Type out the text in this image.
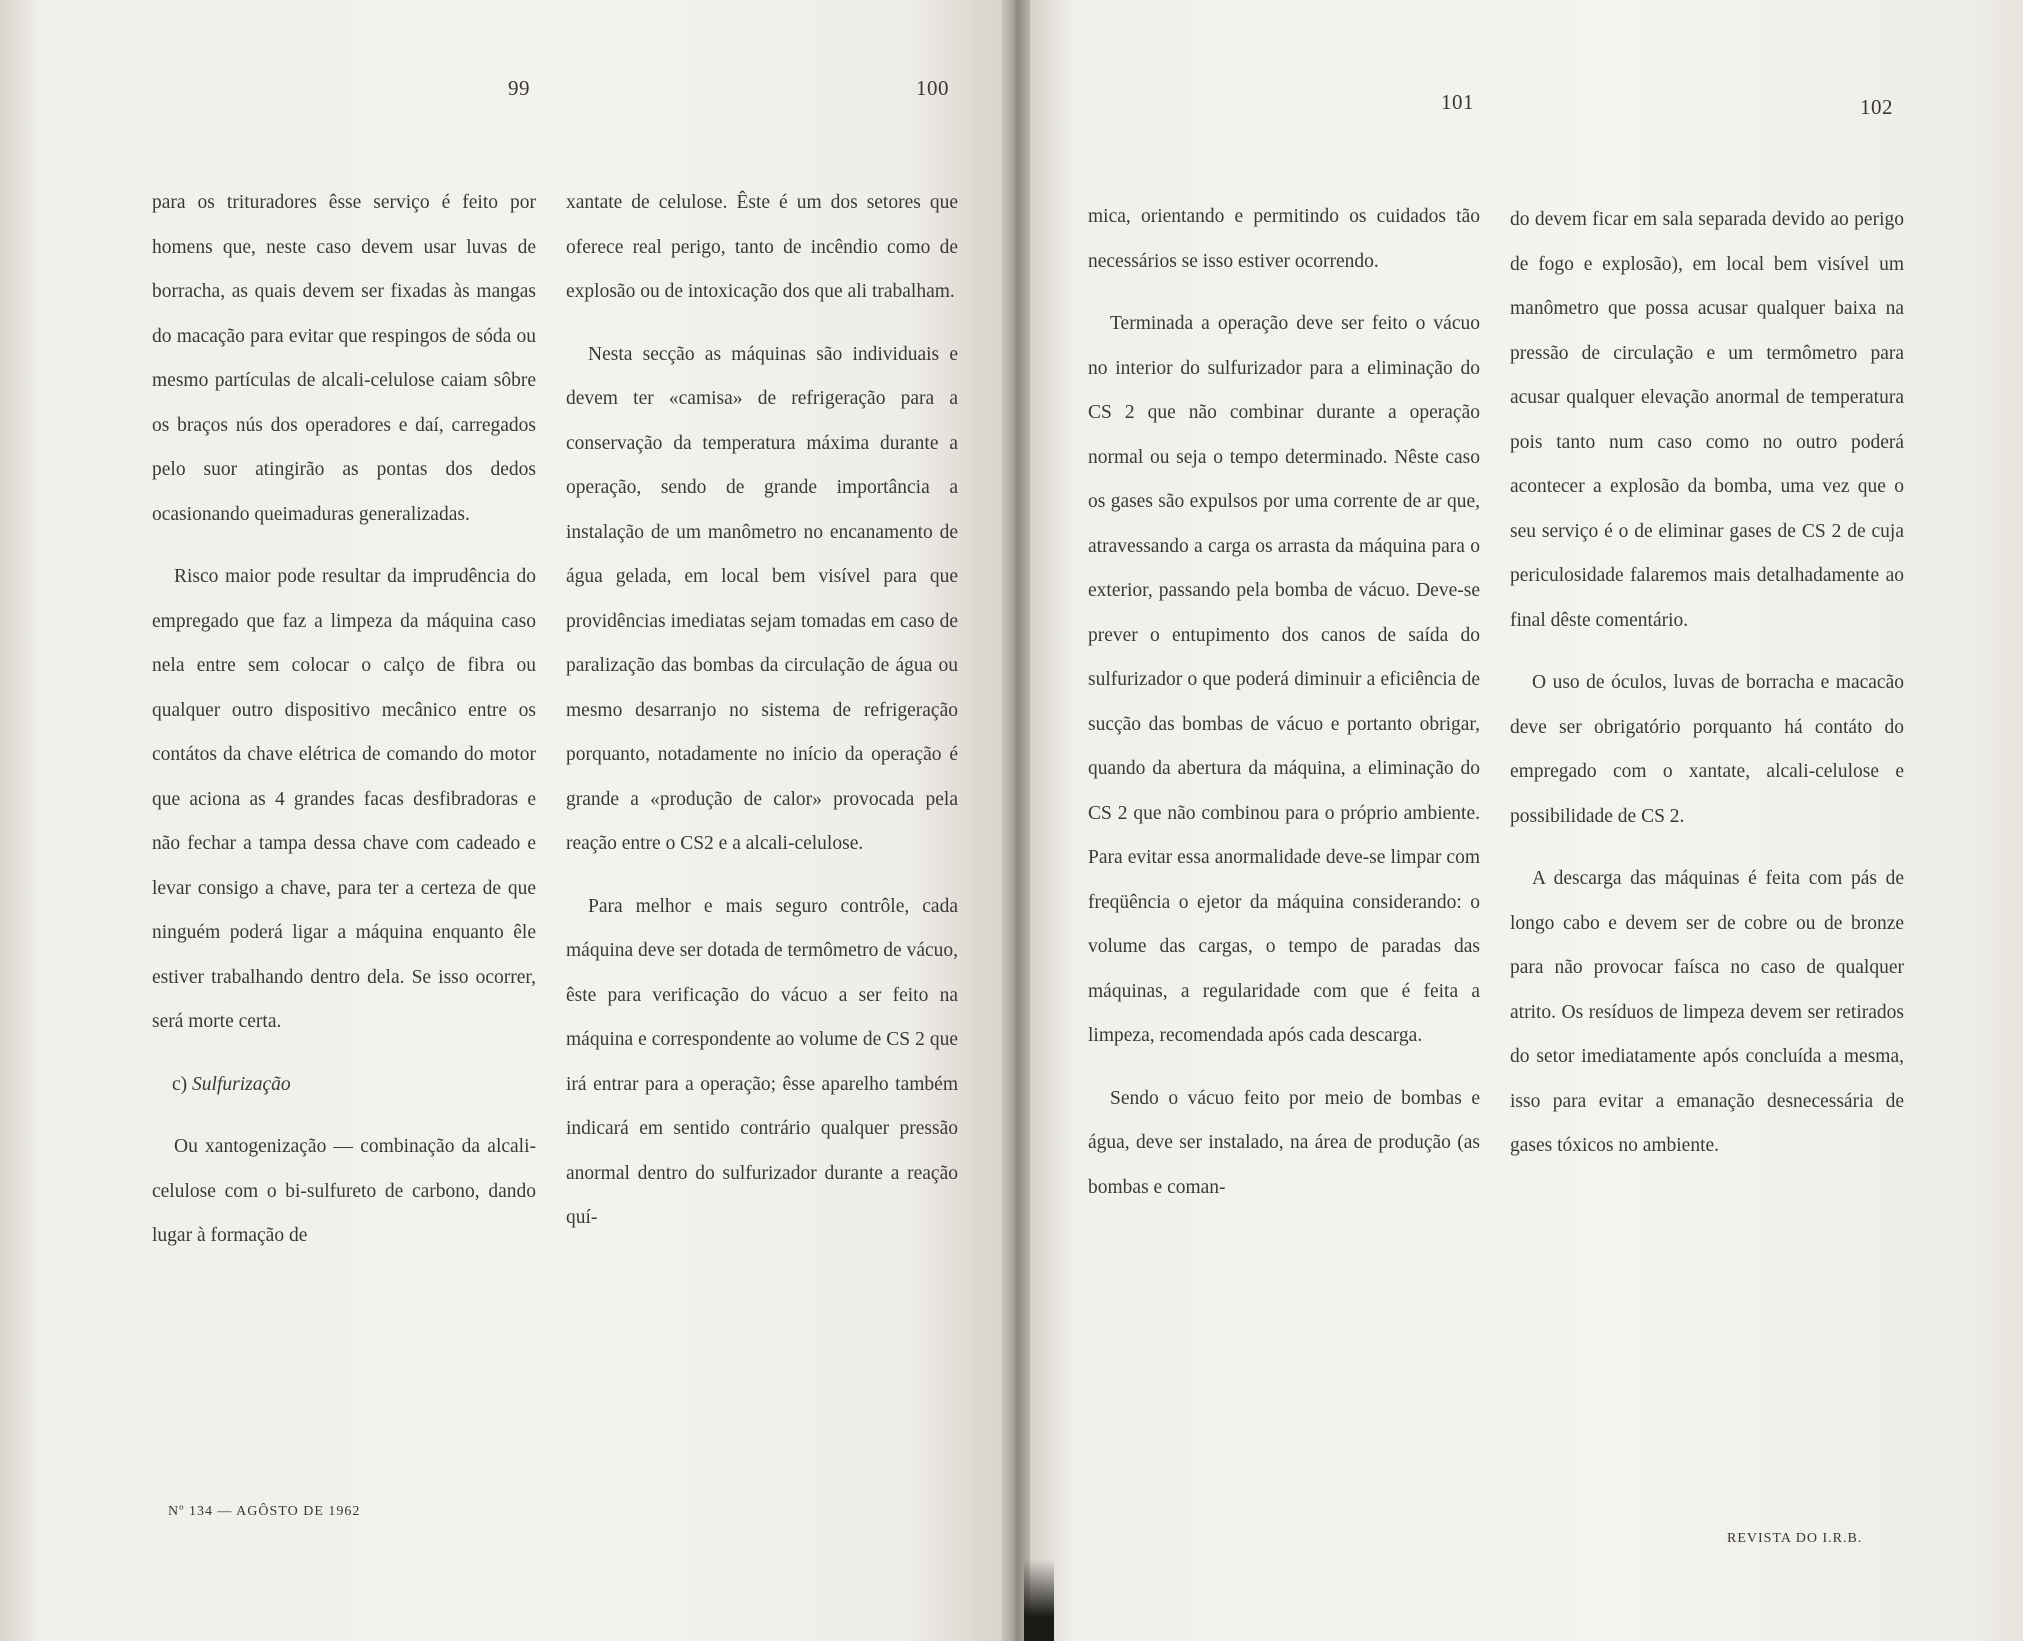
99	100
101	102

para os trituradores êsse serviço é feito por homens que, neste caso devem usar luvas de borracha, as quais devem ser fixadas às mangas do macação para evitar que respingos de sóda ou mesmo partículas de alcali-celulose caiam sôbre os braços nús dos operadores e daí, carregados pelo suor atingirão as pontas dos dedos ocasionando queimaduras generalizadas.

Risco maior pode resultar da imprudência do empregado que faz a limpeza da máquina caso nela entre sem colocar o calço de fibra ou qualquer outro dispositivo mecânico entre os contátos da chave elétrica de comando do motor que aciona as 4 grandes facas desfibradoras e não fechar a tampa dessa chave com cadeado e levar consigo a chave, para ter a certeza de que ninguém poderá ligar a máquina enquanto êle estiver trabalhando dentro dela. Se isso ocorrer, será morte certa.

c) Sulfurização

Ou xantogenização — combinação da alcali-celulose com o bi-sulfureto de carbono, dando lugar à formação de

xantate de celulose. Êste é um dos setores que oferece real perigo, tanto de incêndio como de explosão ou de intoxicação dos que ali trabalham.

Nesta secção as máquinas são individuais e devem ter «camisa» de refrigeração para a conservação da temperatura máxima durante a operação, sendo de grande importância a instalação de um manômetro no encanamento de água gelada, em local bem visível para que providências imediatas sejam tomadas em caso de paralização das bombas da circulação de água ou mesmo desarranjo no sistema de refrigeração porquanto, notadamente no início da operação é grande a «produção de calor» provocada pela reação entre o CS2 e a alcali-celulose.

Para melhor e mais seguro contrôle, cada máquina deve ser dotada de termômetro de vácuo, êste para verificação do vácuo a ser feito na máquina e correspondente ao volume de CS 2 que irá entrar para a operação; êsse aparelho também indicará em sentido contrário qualquer pressão anormal dentro do sulfurizador durante a reação quí-

mica, orientando e permitindo os cuidados tão necessários se isso estiver ocorrendo.

Terminada a operação deve ser feito o vácuo no interior do sulfurizador para a eliminação do CS 2 que não combinar durante a operação normal ou seja o tempo determinado. Nêste caso os gases são expulsos por uma corrente de ar que, atravessando a carga os arrasta da máquina para o exterior, passando pela bomba de vácuo. Deve-se prever o entupimento dos canos de saída do sulfurizador o que poderá diminuir a eficiência de sucção das bombas de vácuo e portanto obrigar, quando da abertura da máquina, a eliminação do CS 2 que não combinou para o próprio ambiente. Para evitar essa anormalidade deve-se limpar com freqüência o ejetor da máquina considerando: o volume das cargas, o tempo de paradas das máquinas, a regularidade com que é feita a limpeza, recomendada após cada descarga.

Sendo o vácuo feito por meio de bombas e água, deve ser instalado, na área de produção (as bombas e coman-

do devem ficar em sala separada devido ao perigo de fogo e explosão), em local bem visível um manômetro que possa acusar qualquer baixa na pressão de circulação e um termômetro para acusar qualquer elevação anormal de temperatura pois tanto num caso como no outro poderá acontecer a explosão da bomba, uma vez que o seu serviço é o de eliminar gases de CS 2 de cuja periculosidade falaremos mais detalhadamente ao final dêste comentário.

O uso de óculos, luvas de borracha e macacão deve ser obrigatório porquanto há contáto do empregado com o xantate, alcali-celulose e possibilidade de CS 2.

A descarga das máquinas é feita com pás de longo cabo e devem ser de cobre ou de bronze para não provocar faísca no caso de qualquer atrito. Os resíduos de limpeza devem ser retirados do setor imediatamente após concluída a mesma, isso para evitar a emanação desnecessária de gases tóxicos no ambiente.

Nº 134 — AGÔSTO DE 1962
REVISTA DO I.R.B.
